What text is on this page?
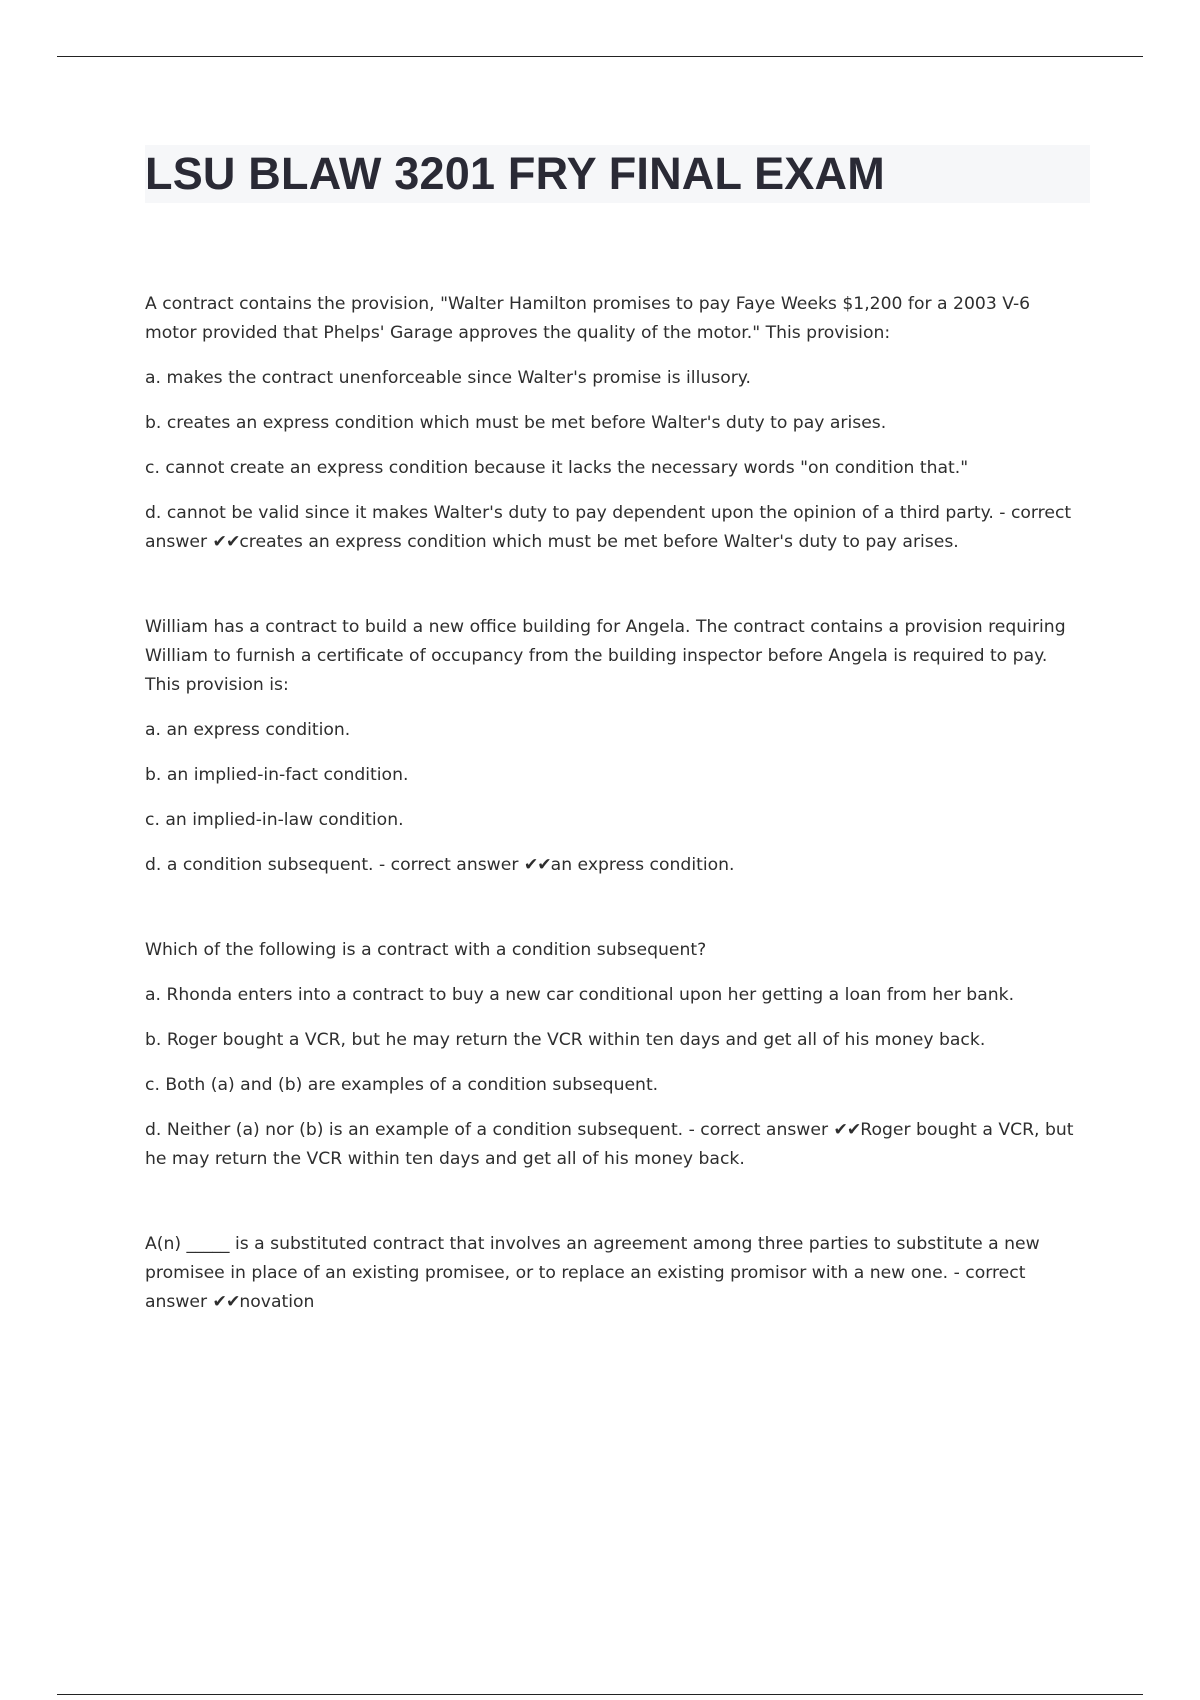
LSU BLAW 3201 FRY FINAL EXAM

A contract contains the provision, "Walter Hamilton promises to pay Faye Weeks $1,200 for a 2003 V-6 motor provided that Phelps' Garage approves the quality of the motor." This provision:

a. makes the contract unenforceable since Walter's promise is illusory.

b. creates an express condition which must be met before Walter's duty to pay arises.

c. cannot create an express condition because it lacks the necessary words "on condition that."

d. cannot be valid since it makes Walter's duty to pay dependent upon the opinion of a third party. - correct answer ✔✔creates an express condition which must be met before Walter's duty to pay arises.

William has a contract to build a new office building for Angela. The contract contains a provision requiring William to furnish a certificate of occupancy from the building inspector before Angela is required to pay. This provision is:

a. an express condition.

b. an implied-in-fact condition.

c. an implied-in-law condition.

d. a condition subsequent. - correct answer ✔✔an express condition.

Which of the following is a contract with a condition subsequent?

a. Rhonda enters into a contract to buy a new car conditional upon her getting a loan from her bank.

b. Roger bought a VCR, but he may return the VCR within ten days and get all of his money back.

c. Both (a) and (b) are examples of a condition subsequent.

d. Neither (a) nor (b) is an example of a condition subsequent. - correct answer ✔✔Roger bought a VCR, but he may return the VCR within ten days and get all of his money back.

A(n) _____ is a substituted contract that involves an agreement among three parties to substitute a new promisee in place of an existing promisee, or to replace an existing promisor with a new one. - correct answer ✔✔novation
